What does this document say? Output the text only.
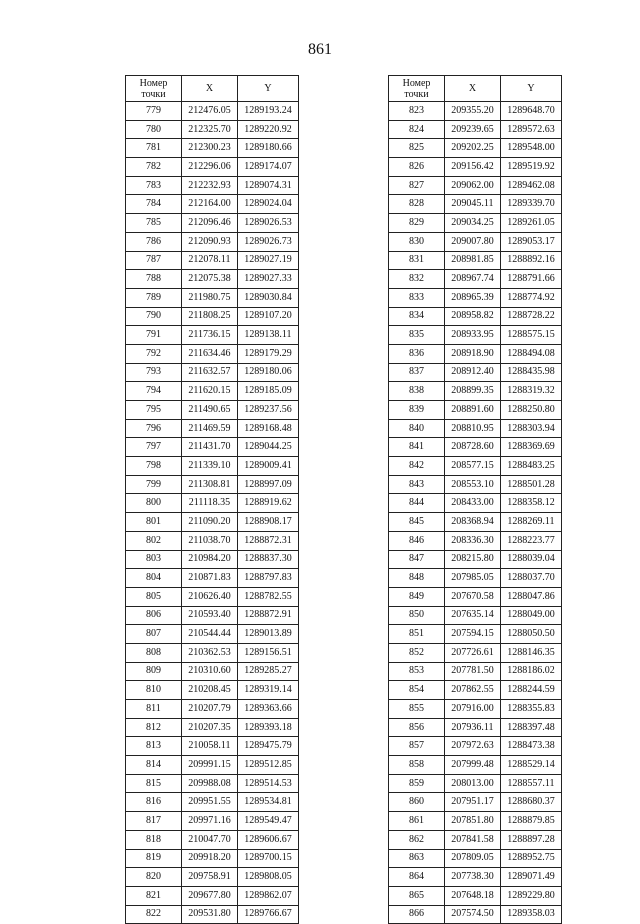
861
Номер
точки	X	Y
779	212476.05	1289193.24
780	212325.70	1289220.92
781	212300.23	1289180.66
782	212296.06	1289174.07
783	212232.93	1289074.31
784	212164.00	1289024.04
785	212096.46	1289026.53
786	212090.93	1289026.73
787	212078.11	1289027.19
788	212075.38	1289027.33
789	211980.75	1289030.84
790	211808.25	1289107.20
791	211736.15	1289138.11
792	211634.46	1289179.29
793	211632.57	1289180.06
794	211620.15	1289185.09
795	211490.65	1289237.56
796	211469.59	1289168.48
797	211431.70	1289044.25
798	211339.10	1289009.41
799	211308.81	1288997.09
800	211118.35	1288919.62
801	211090.20	1288908.17
802	211038.70	1288872.31
803	210984.20	1288837.30
804	210871.83	1288797.83
805	210626.40	1288782.55
806	210593.40	1288872.91
807	210544.44	1289013.89
808	210362.53	1289156.51
809	210310.60	1289285.27
810	210208.45	1289319.14
811	210207.79	1289363.66
812	210207.35	1289393.18
813	210058.11	1289475.79
814	209991.15	1289512.85
815	209988.08	1289514.53
816	209951.55	1289534.81
817	209971.16	1289549.47
818	210047.70	1289606.67
819	209918.20	1289700.15
820	209758.91	1289808.05
821	209677.80	1289862.07
822	209531.80	1289766.67
Номер
точки	X	Y
823	209355.20	1289648.70
824	209239.65	1289572.63
825	209202.25	1289548.00
826	209156.42	1289519.92
827	209062.00	1289462.08
828	209045.11	1289339.70
829	209034.25	1289261.05
830	209007.80	1289053.17
831	208981.85	1288892.16
832	208967.74	1288791.66
833	208965.39	1288774.92
834	208958.82	1288728.22
835	208933.95	1288575.15
836	208918.90	1288494.08
837	208912.40	1288435.98
838	208899.35	1288319.32
839	208891.60	1288250.80
840	208810.95	1288303.94
841	208728.60	1288369.69
842	208577.15	1288483.25
843	208553.10	1288501.28
844	208433.00	1288358.12
845	208368.94	1288269.11
846	208336.30	1288223.77
847	208215.80	1288039.04
848	207985.05	1288037.70
849	207670.58	1288047.86
850	207635.14	1288049.00
851	207594.15	1288050.50
852	207726.61	1288146.35
853	207781.50	1288186.02
854	207862.55	1288244.59
855	207916.00	1288355.83
856	207936.11	1288397.48
857	207972.63	1288473.38
858	207999.48	1288529.14
859	208013.00	1288557.11
860	207951.17	1288680.37
861	207851.80	1288879.85
862	207841.58	1288897.28
863	207809.05	1288952.75
864	207738.30	1289071.49
865	207648.18	1289229.80
866	207574.50	1289358.03
